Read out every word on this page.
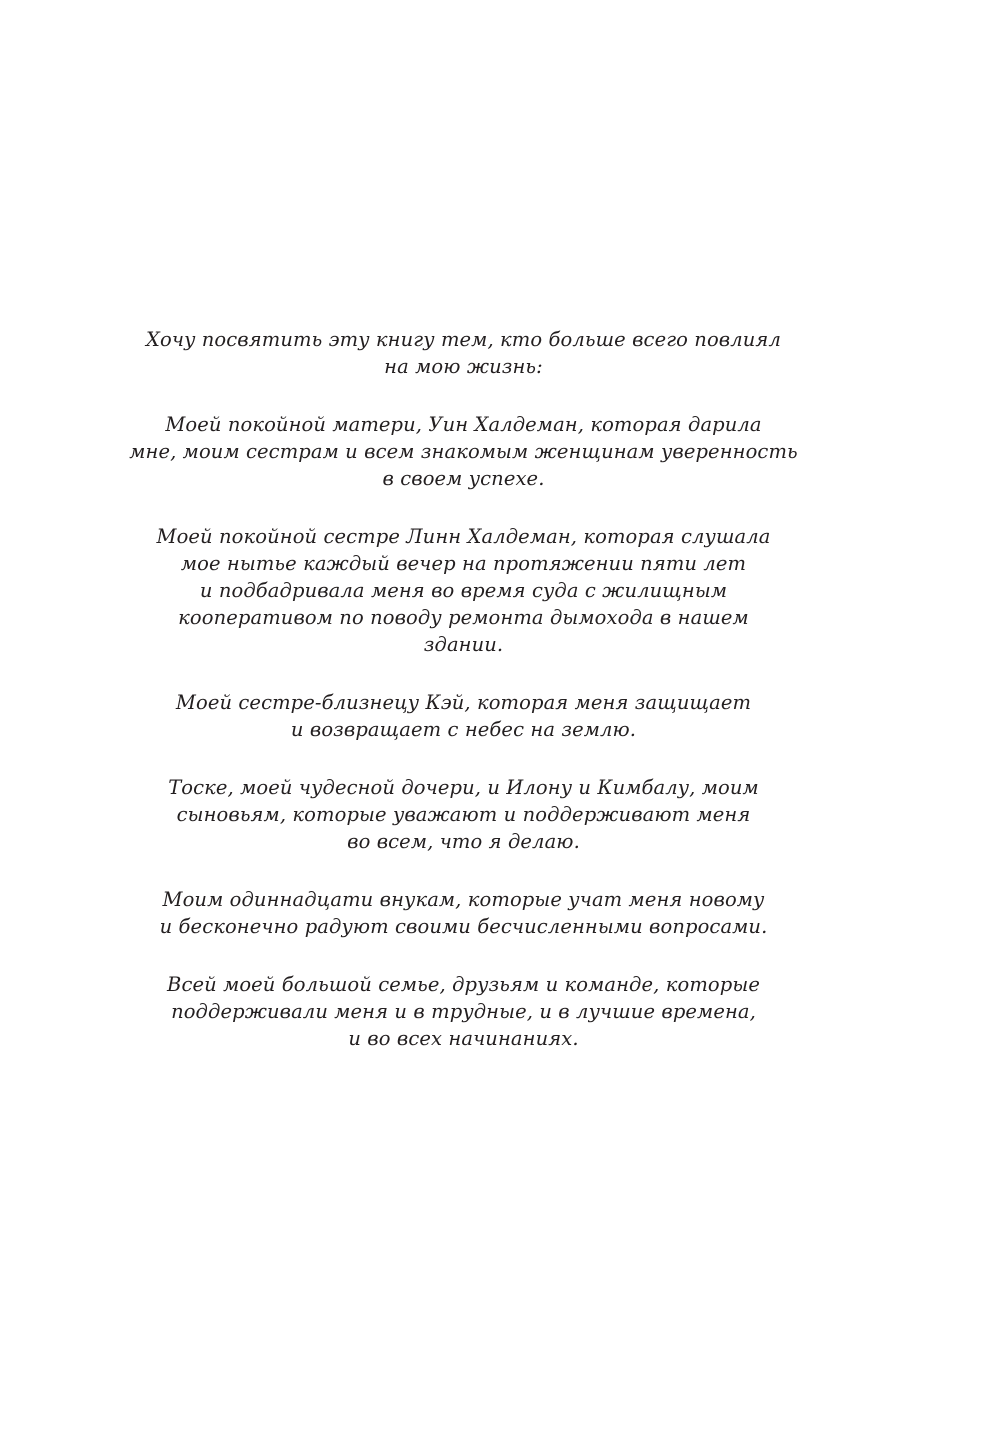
Хочу посвятить эту книгу тем, кто больше всего повлиял
на мою жизнь:

Моей покойной матери, Уин Халдеман, которая дарила
мне, моим сестрам и всем знакомым женщинам уверенность
в своем успехе.

Моей покойной сестре Линн Халдеман, которая слушала
мое нытье каждый вечер на протяжении пяти лет
и подбадривала меня во время суда с жилищным
кооперативом по поводу ремонта дымохода в нашем
здании.

Моей сестре-близнецу Кэй, которая меня защищает
и возвращает с небес на землю.

Тоске, моей чудесной дочери, и Илону и Кимбалу, моим
сыновьям, которые уважают и поддерживают меня
во всем, что я делаю.

Моим одиннадцати внукам, которые учат меня новому
и бесконечно радуют своими бесчисленными вопросами.

Всей моей большой семье, друзьям и команде, которые
поддерживали меня и в трудные, и в лучшие времена,
и во всех начинаниях.
